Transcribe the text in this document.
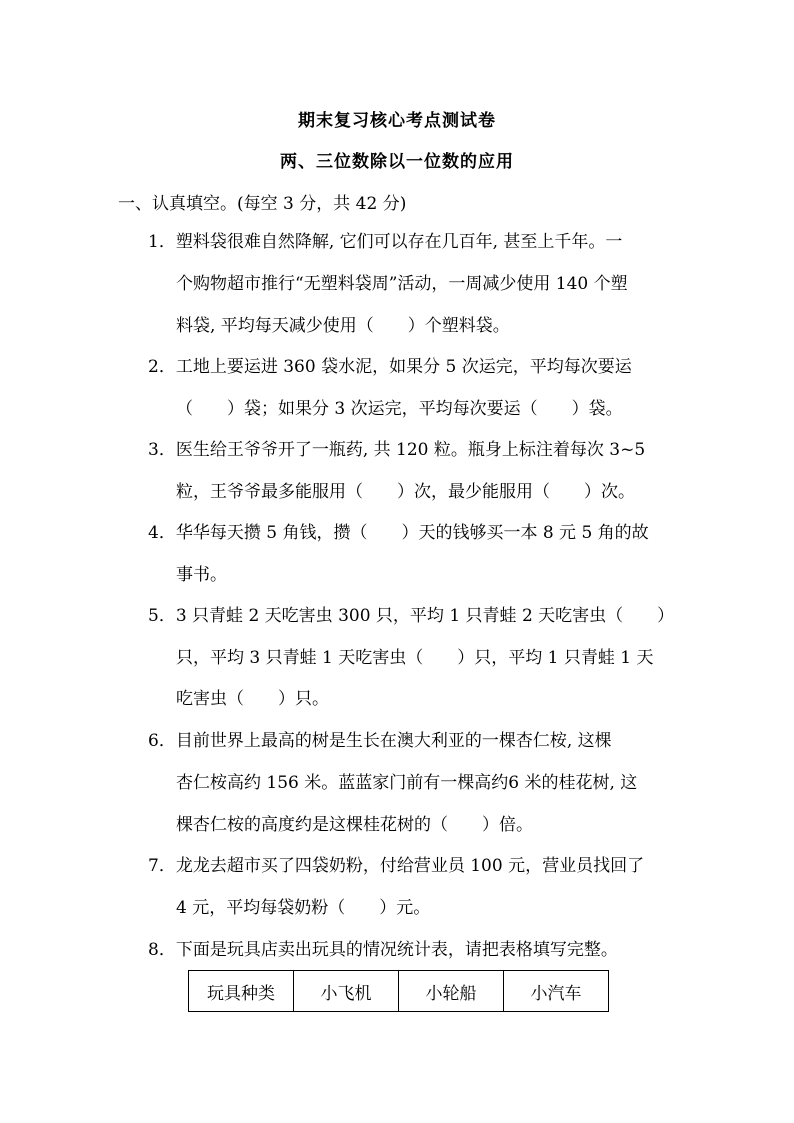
期末复习核心考点测试卷
两、三位数除以一位数的应用
一、认真填空。(每空 3 分，共 42 分)
1．塑料袋很难自然降解, 它们可以存在几百年, 甚至上千年。一
个购物超市推行“无塑料袋周”活动，一周减少使用 140 个塑
料袋, 平均每天减少使用（　　）个塑料袋。
2．工地上要运进 360 袋水泥，如果分 5 次运完，平均每次要运
（　　）袋；如果分 3 次运完，平均每次要运（　　）袋。
3．医生给王爷爷开了一瓶药, 共 120 粒。瓶身上标注着每次 3~5
粒，王爷爷最多能服用（　　）次，最少能服用（　　）次。
4．华华每天攒 5 角钱，攒（　　）天的钱够买一本 8 元 5 角的故
事书。
5．3 只青蛙 2 天吃害虫 300 只，平均 1 只青蛙 2 天吃害虫（　　）
只，平均 3 只青蛙 1 天吃害虫（　　）只，平均 1 只青蛙 1 天
吃害虫（　　）只。
6．目前世界上最高的树是生长在澳大利亚的一棵杏仁桉, 这棵
杏仁桉高约 156 米。蓝蓝家门前有一棵高约6 米的桂花树, 这
棵杏仁桉的高度约是这棵桂花树的（　　）倍。
7．龙龙去超市买了四袋奶粉，付给营业员 100 元，营业员找回了
4 元，平均每袋奶粉（　　）元。
8．下面是玩具店卖出玩具的情况统计表，请把表格填写完整。
玩具种类	小飞机	小轮船	小汽车
